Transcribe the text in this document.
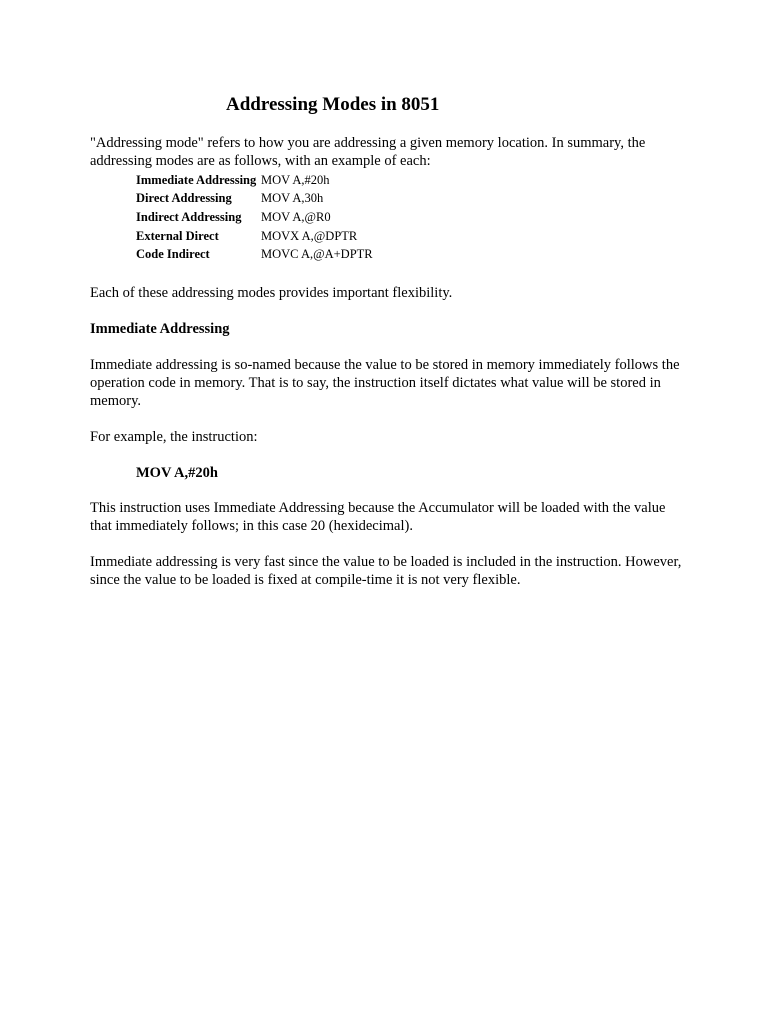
Addressing Modes in 8051
"Addressing mode" refers to how you are addressing a given memory location. In summary, the
addressing modes are as follows, with an example of each:
Immediate Addressing	MOV A,#20h
Direct Addressing	MOV A,30h
Indirect Addressing	MOV A,@R0
External Direct	MOVX A,@DPTR
Code Indirect	MOVC A,@A+DPTR

Each of these addressing modes provides important flexibility.

Immediate Addressing

Immediate addressing is so-named because the value to be stored in memory immediately follows the operation code in memory. That is to say, the instruction itself dictates what value will be stored in memory.

For example, the instruction:

MOV A,#20h

This instruction uses Immediate Addressing because the Accumulator will be loaded with the value that immediately follows; in this case 20 (hexidecimal).

Immediate addressing is very fast since the value to be loaded is included in the instruction. However, since the value to be loaded is fixed at compile-time it is not very flexible.
